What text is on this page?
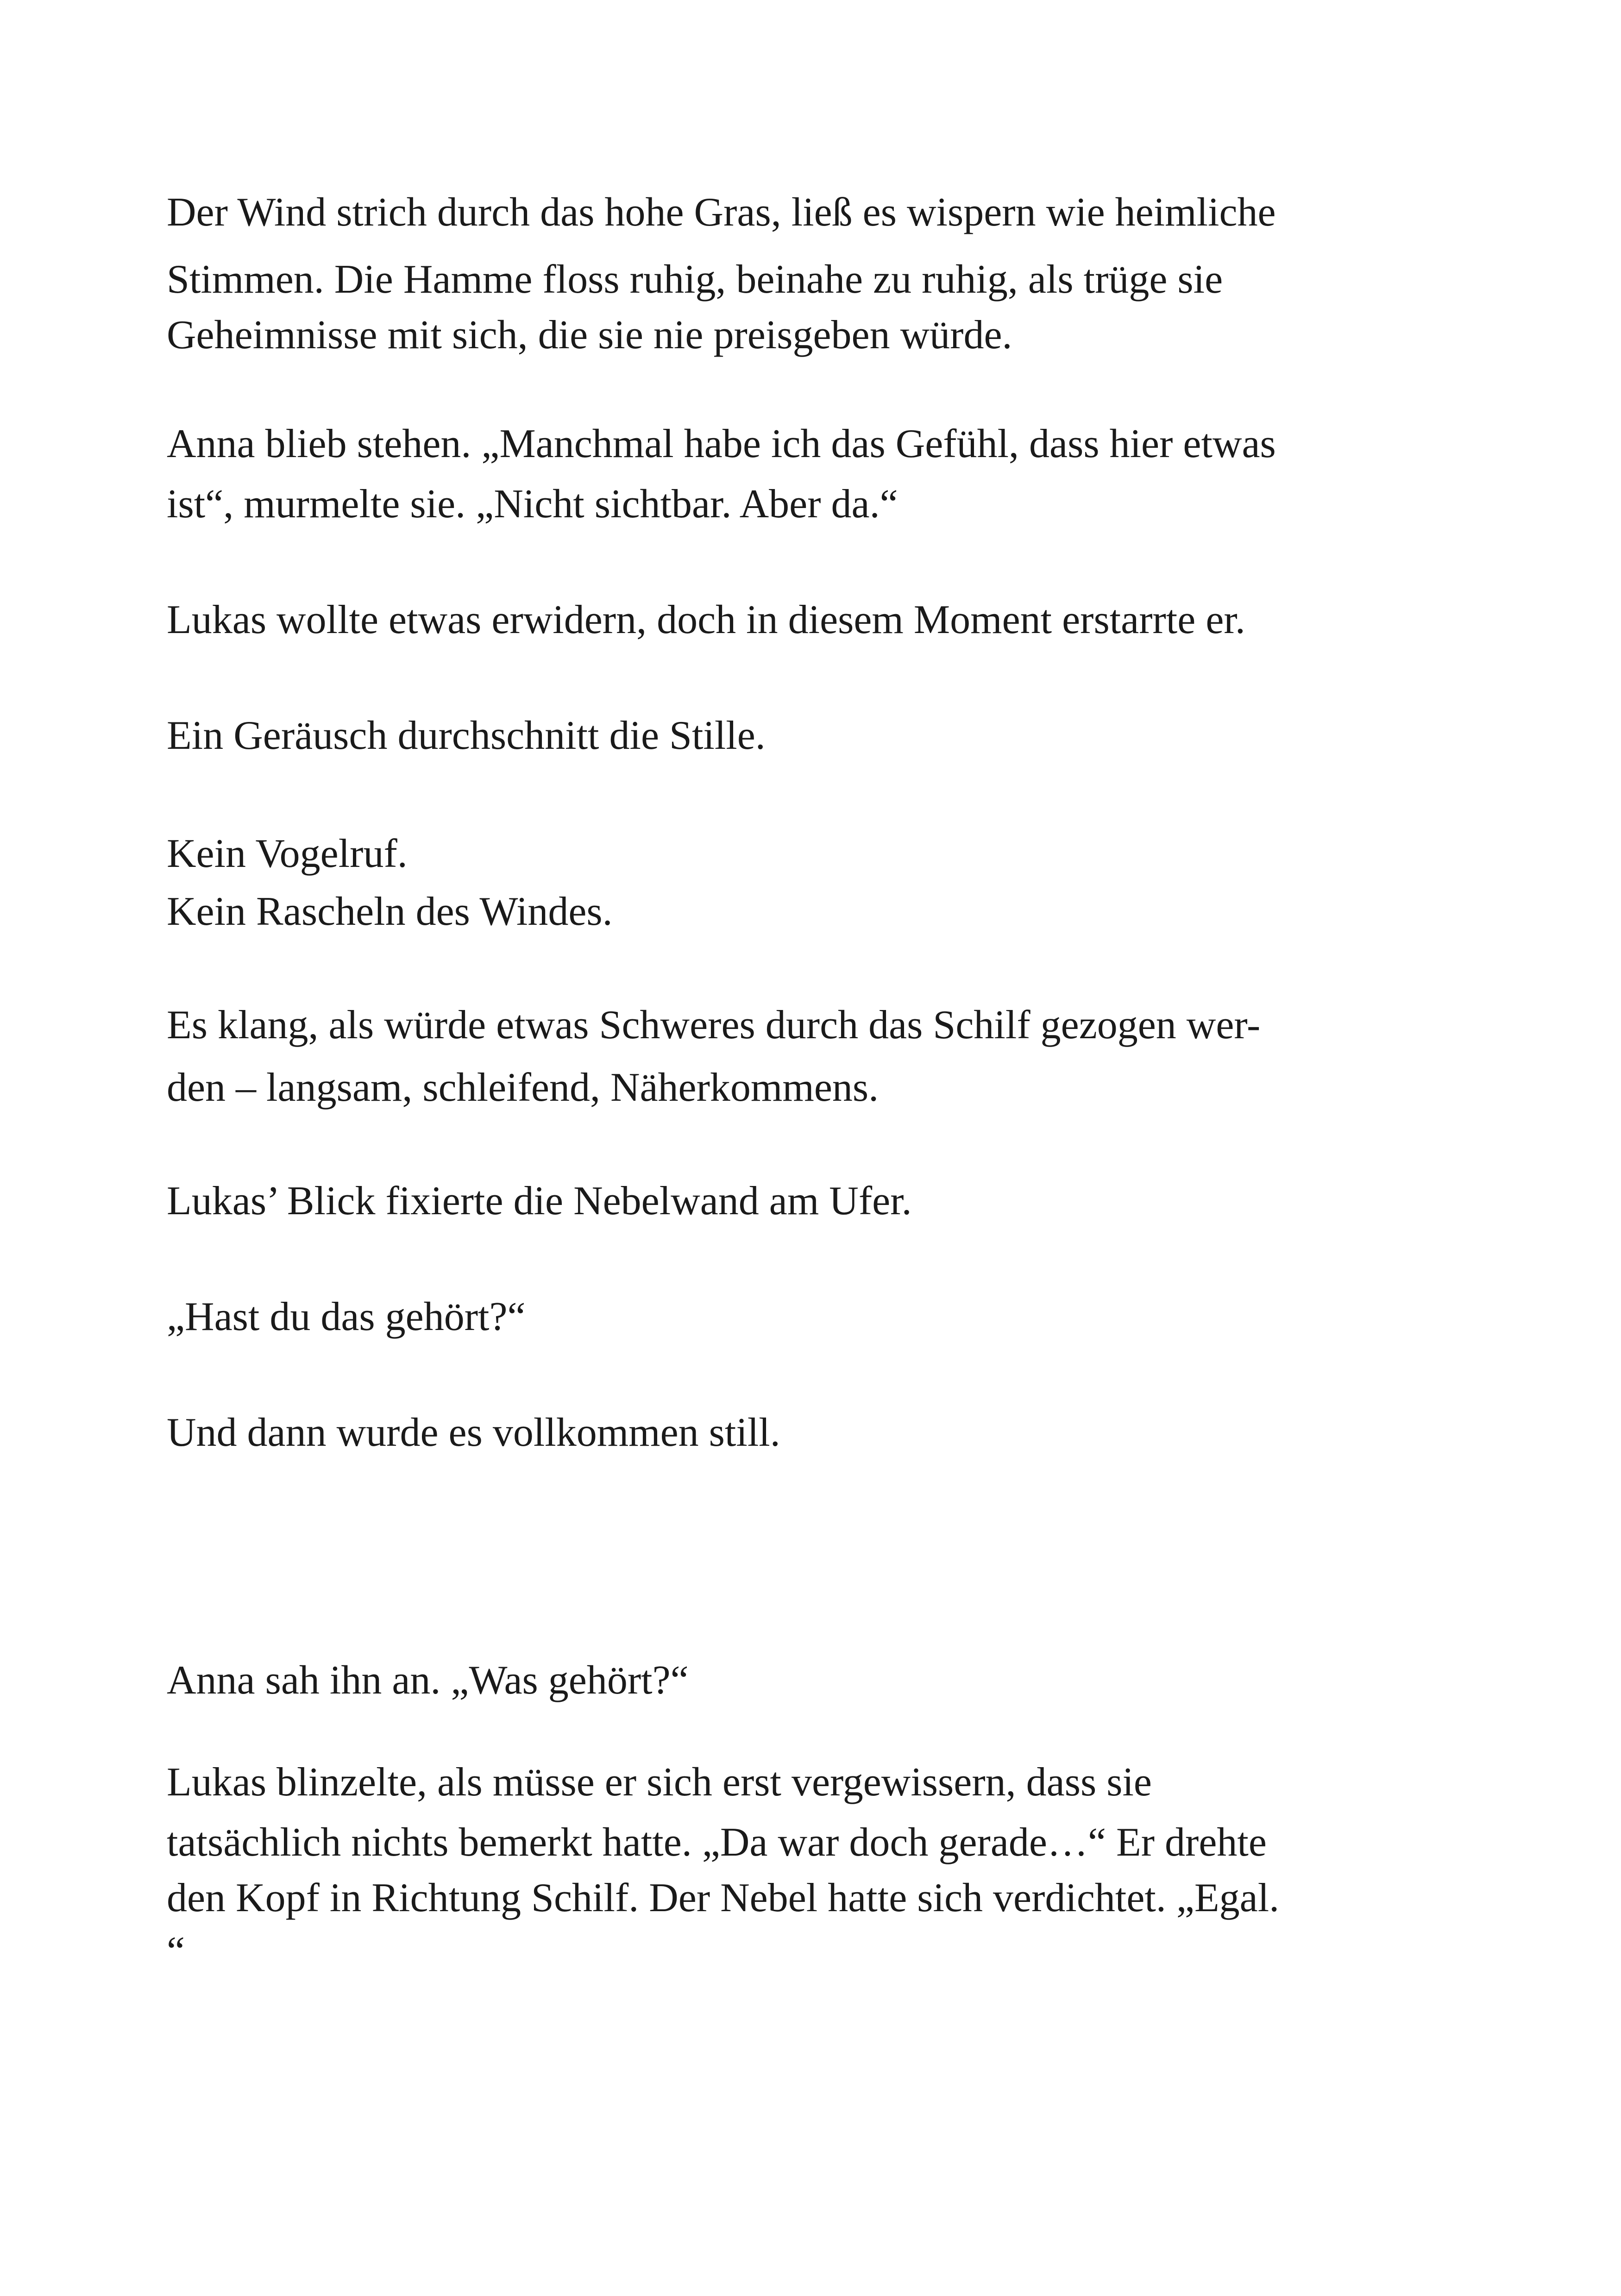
Der Wind strich durch das hohe Gras, ließ es wispern wie heimliche
Stimmen. Die Hamme floss ruhig, beinahe zu ruhig, als trüge sie
Geheimnisse mit sich, die sie nie preisgeben würde.
Anna blieb stehen. „Manchmal habe ich das Gefühl, dass hier etwas
ist“, murmelte sie. „Nicht sichtbar. Aber da.“
Lukas wollte etwas erwidern, doch in diesem Moment erstarrte er.
Ein Geräusch durchschnitt die Stille.
Kein Vogelruf.
Kein Rascheln des Windes.
Es klang, als würde etwas Schweres durch das Schilf gezogen wer-
den – langsam, schleifend, Näherkommens.
Lukas’ Blick fixierte die Nebelwand am Ufer.
„Hast du das gehört?“
Und dann wurde es vollkommen still.
Anna sah ihn an. „Was gehört?“
Lukas blinzelte, als müsse er sich erst vergewissern, dass sie
tatsächlich nichts bemerkt hatte. „Da war doch gerade…“ Er drehte
den Kopf in Richtung Schilf. Der Nebel hatte sich verdichtet. „Egal.
“
